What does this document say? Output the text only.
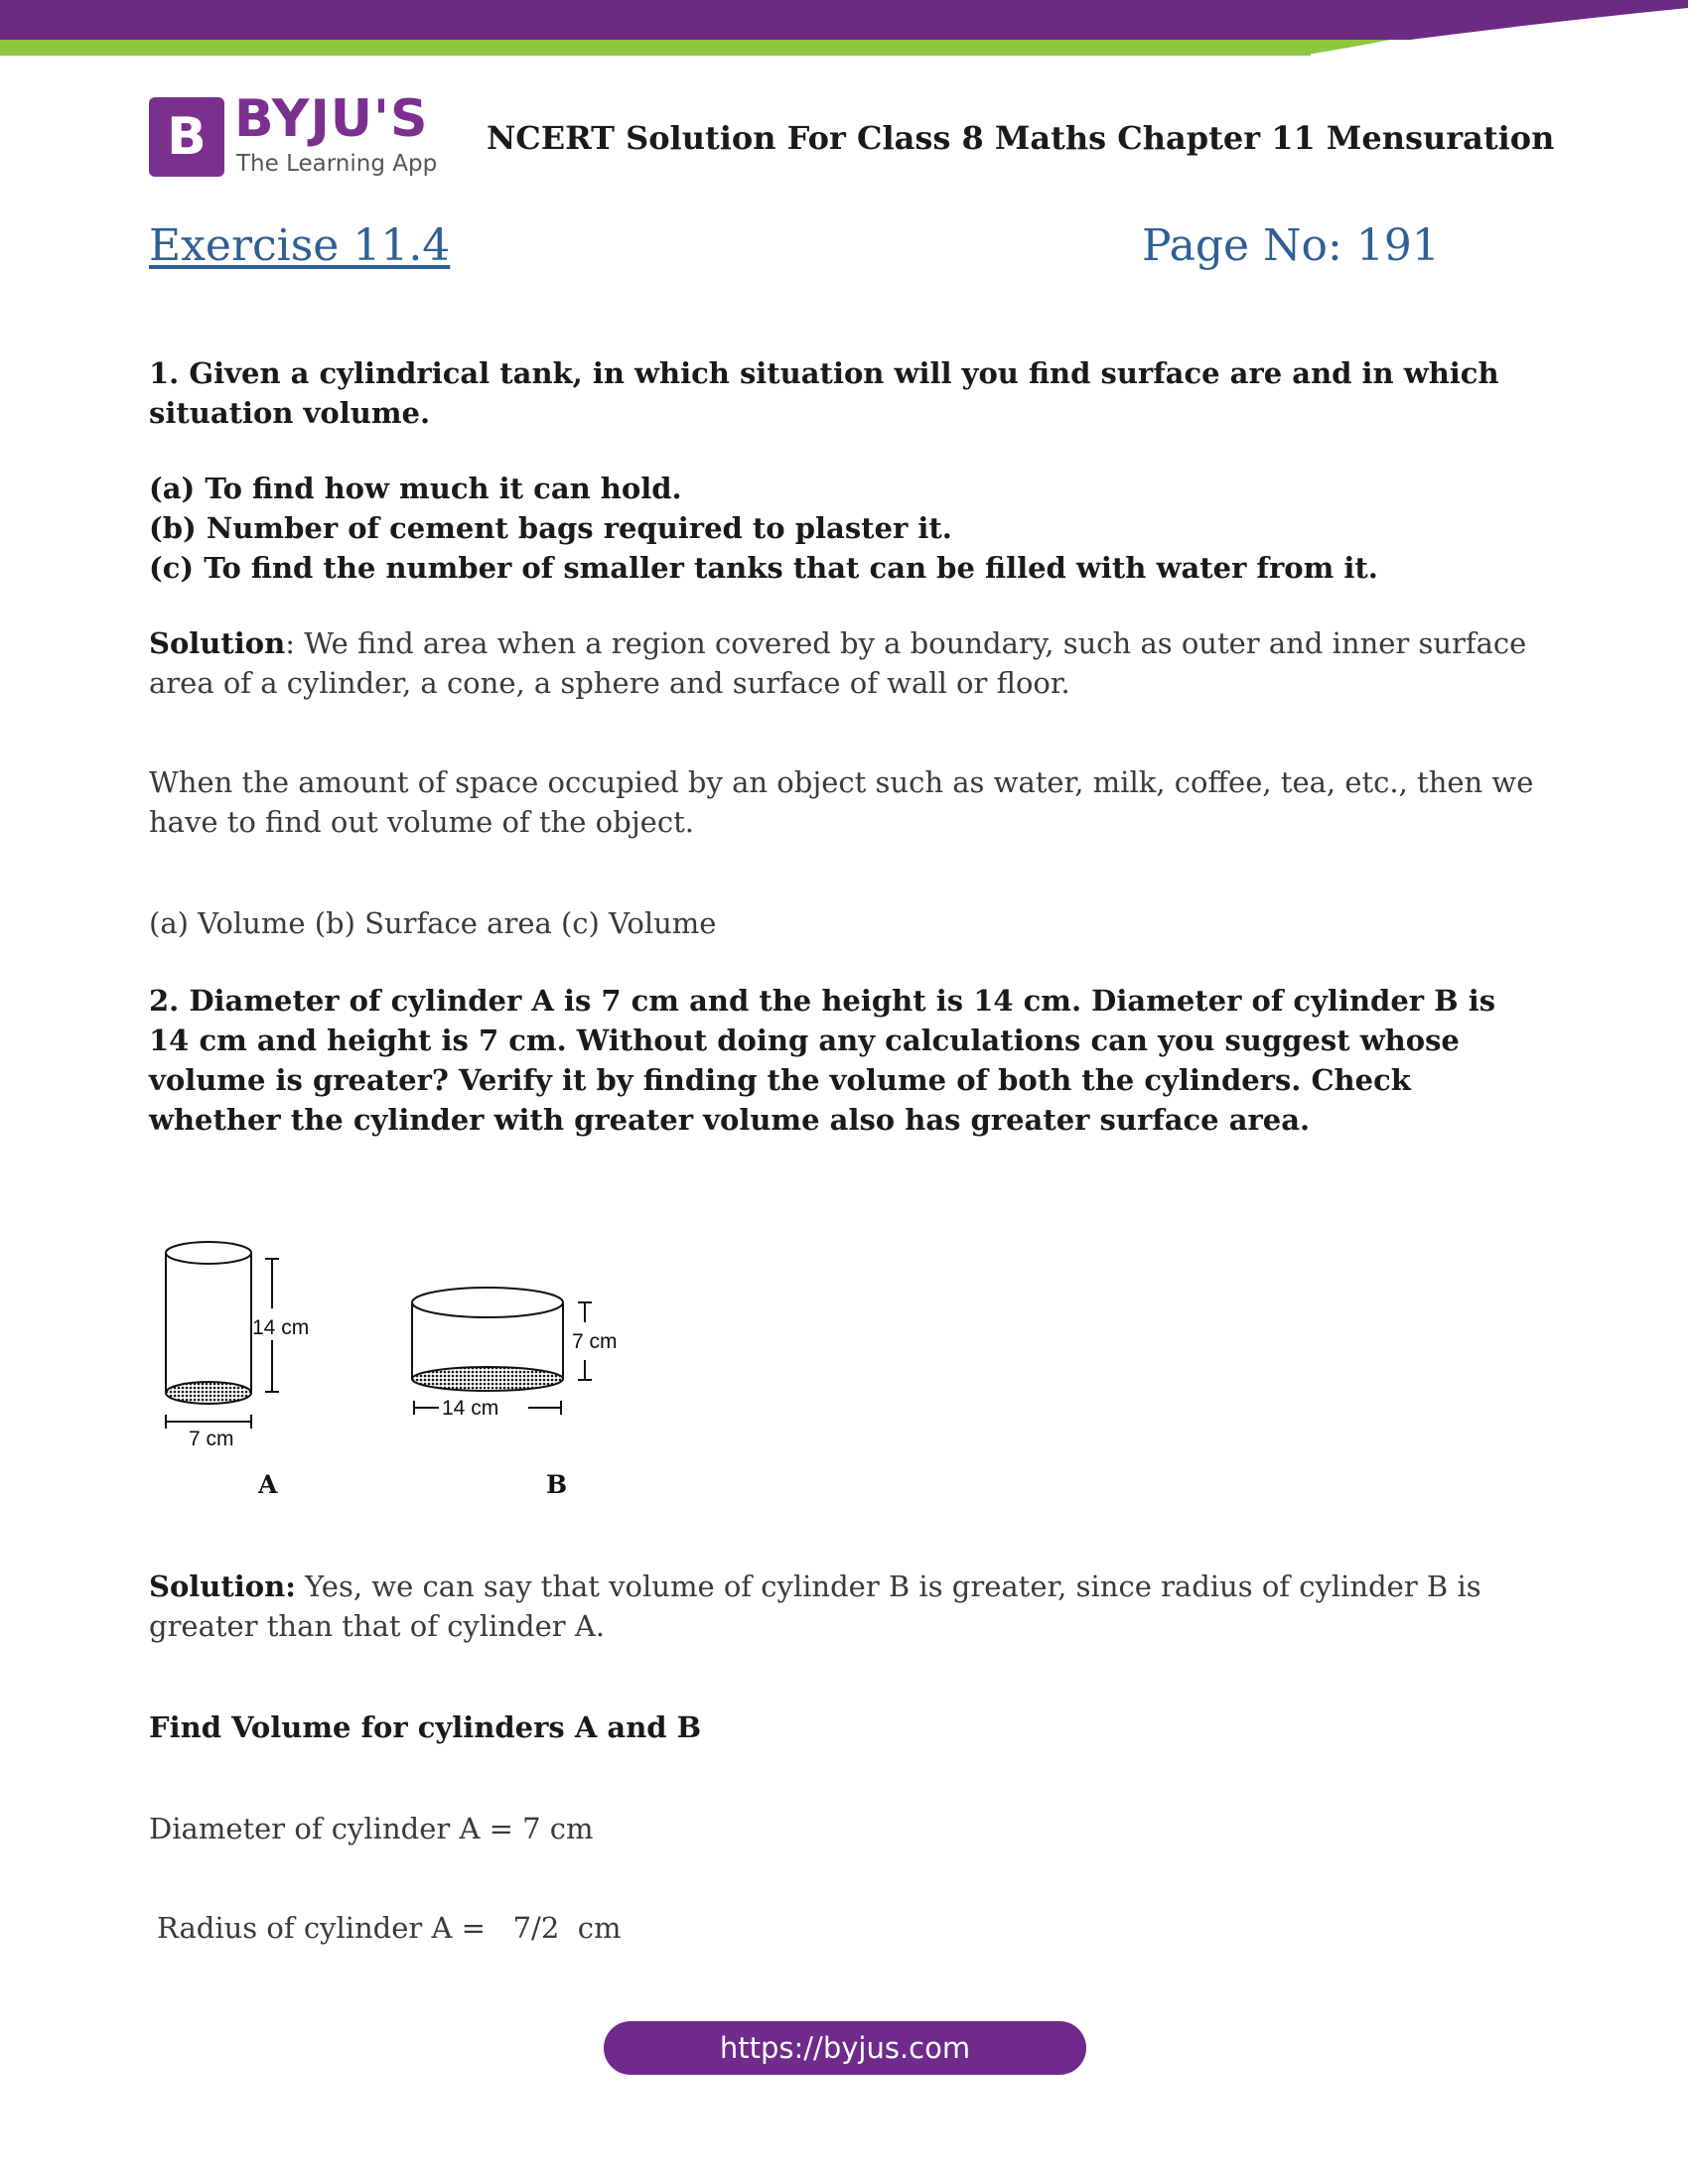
B BYJU'S
The Learning App
NCERT Solution For Class 8 Maths Chapter 11 Mensuration
Exercise 11.4	Page No: 191
1. Given a cylindrical tank, in which situation will you find surface are and in which situation volume.
(a) To find how much it can hold.
(b) Number of cement bags required to plaster it.
(c) To find the number of smaller tanks that can be filled with water from it.
Solution: We find area when a region covered by a boundary, such as outer and inner surface area of a cylinder, a cone, a sphere and surface of wall or floor.
When the amount of space occupied by an object such as water, milk, coffee, tea, etc., then we have to find out volume of the object.
(a) Volume (b) Surface area (c) Volume
2. Diameter of cylinder A is 7 cm and the height is 14 cm. Diameter of cylinder B is 14 cm and height is 7 cm. Without doing any calculations can you suggest whose volume is greater? Verify it by finding the volume of both the cylinders. Check whether the cylinder with greater volume also has greater surface area.
14 cm
7 cm
A
7 cm
14 cm
B
Solution: Yes, we can say that volume of cylinder B is greater, since radius of cylinder B is greater than that of cylinder A.
Find Volume for cylinders A and B
Diameter of cylinder A = 7 cm
Radius of cylinder A =   7/2  cm
https://byjus.com
